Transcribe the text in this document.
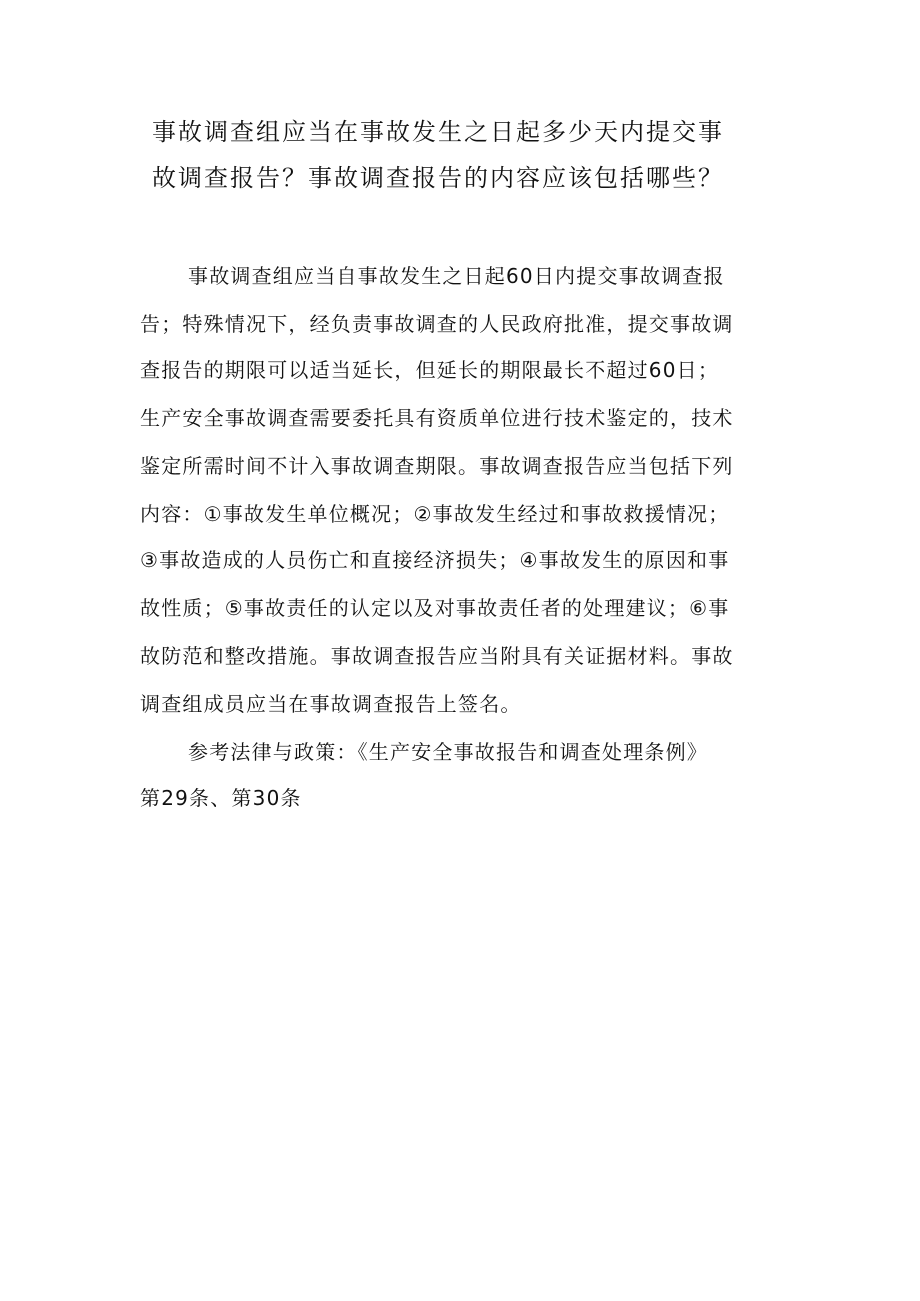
事故调查组应当在事故发生之日起多少天内提交事
故调查报告？事故调查报告的内容应该包括哪些？
事故调查组应当自事故发生之日起60日内提交事故调查报
告；特殊情况下，经负责事故调查的人民政府批准，提交事故调
查报告的期限可以适当延长，但延长的期限最长不超过60日；
生产安全事故调查需要委托具有资质单位进行技术鉴定的，技术
鉴定所需时间不计入事故调查期限。事故调查报告应当包括下列
内容：①事故发生单位概况；②事故发生经过和事故救援情况；
③事故造成的人员伤亡和直接经济损失；④事故发生的原因和事
故性质；⑤事故责任的认定以及对事故责任者的处理建议；⑥事
故防范和整改措施。事故调查报告应当附具有关证据材料。事故
调查组成员应当在事故调查报告上签名。
参考法律与政策：《生产安全事故报告和调查处理条例》
第29条、第30条
